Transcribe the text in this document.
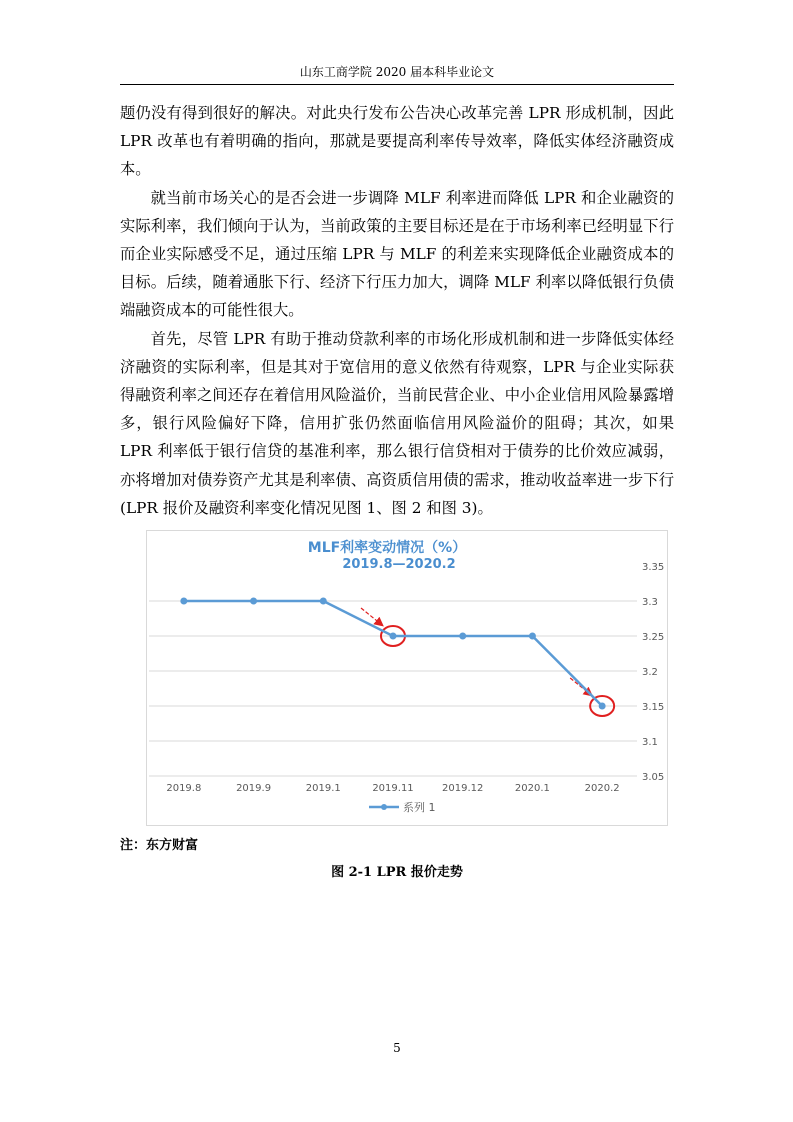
山东工商学院 2020 届本科毕业论文

题仍没有得到很好的解决。对此央行发布公告决心改革完善 LPR 形成机制，因此 LPR 改革也有着明确的指向，那就是要提高利率传导效率，降低实体经济融资成本。

就当前市场关心的是否会进一步调降 MLF 利率进而降低 LPR 和企业融资的实际利率，我们倾向于认为，当前政策的主要目标还是在于市场利率已经明显下行而企业实际感受不足，通过压缩 LPR 与 MLF 的利差来实现降低企业融资成本的目标。后续，随着通胀下行、经济下行压力加大，调降 MLF 利率以降低银行负债端融资成本的可能性很大。

首先，尽管 LPR 有助于推动贷款利率的市场化形成机制和进一步降低实体经济融资的实际利率，但是其对于宽信用的意义依然有待观察，LPR 与企业实际获得融资利率之间还存在着信用风险溢价，当前民营企业、中小企业信用风险暴露增多，银行风险偏好下降，信用扩张仍然面临信用风险溢价的阻碍；其次，如果 LPR 利率低于银行信贷的基准利率，那么银行信贷相对于债券的比价效应减弱，亦将增加对债券资产尤其是利率债、高资质信用债的需求，推动收益率进一步下行(LPR 报价及融资利率变化情况见图 1、图 2 和图 3)。

MLF利率变动情况（%）
2019.8—2020.2	3.35
3.3
3.25
3.2
3.15
3.1
3.05
2019.8	2019.9	2019.1	2019.11	2019.12	2020.1	2020.2
系列 1
注：东方财富
图 2-1 LPR 报价走势
5
